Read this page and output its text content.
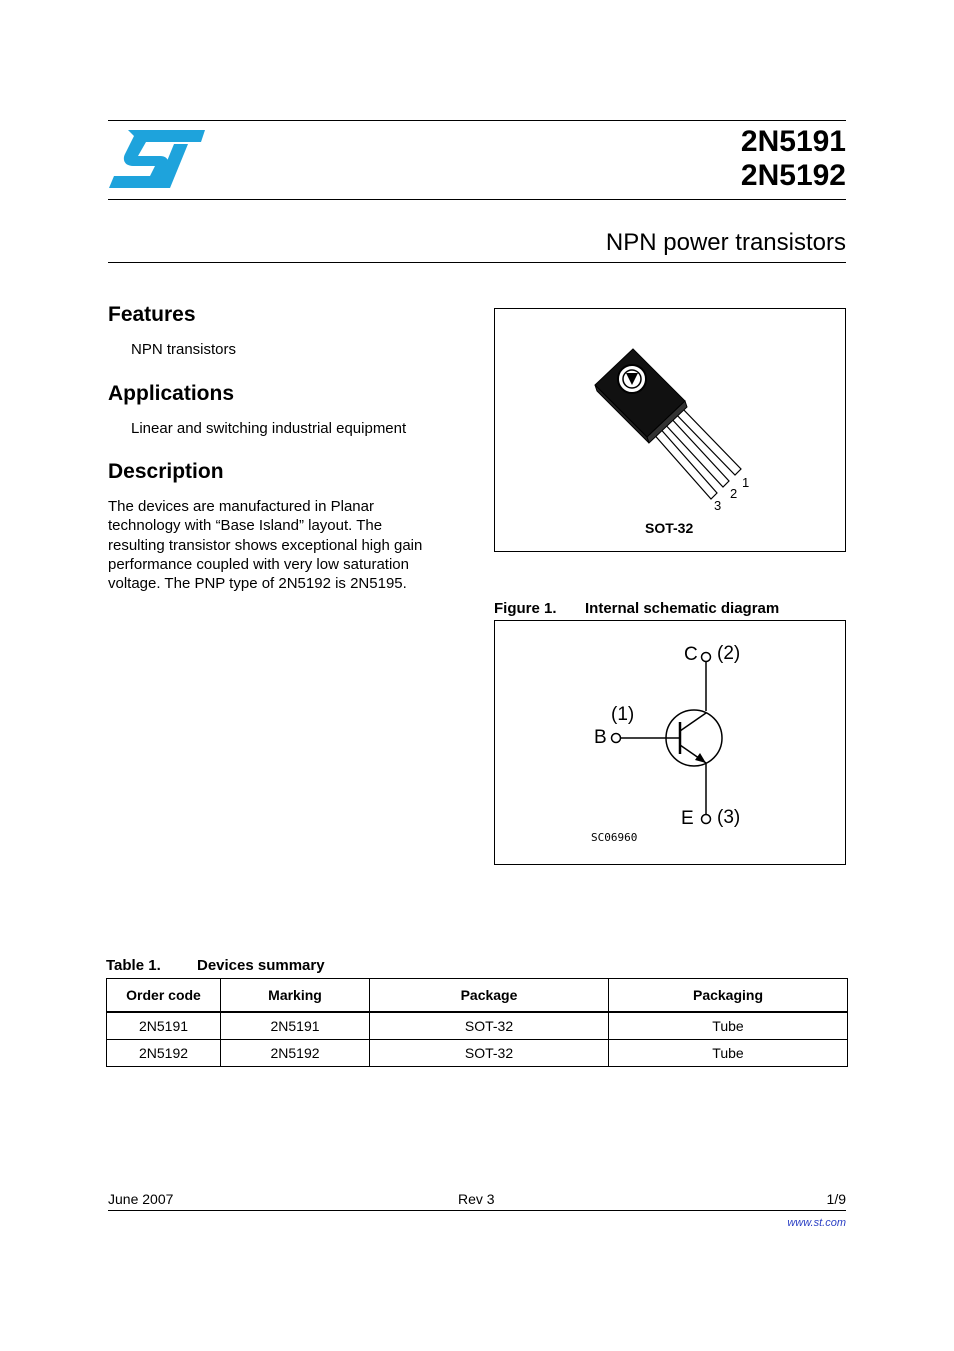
2N5191
2N5192
NPN power transistors
Features
NPN transistors
Applications
Linear and switching industrial equipment
Description
The devices are manufactured in Planar
technology with “Base Island” layout. The
resulting transistor shows exceptional high gain
performance coupled with very low saturation
voltage. The PNP type of 2N5192 is 2N5195.
1
2
3
SOT-32
Figure 1. Internal schematic diagram
C (2)
(1)
B
E (3)
SC06960
Table 1. Devices summary
Order code	Marking	Package	Packaging
2N5191	2N5191	SOT-32	Tube
2N5192	2N5192	SOT-32	Tube
June 2007	Rev 3	1/9
www.st.com
